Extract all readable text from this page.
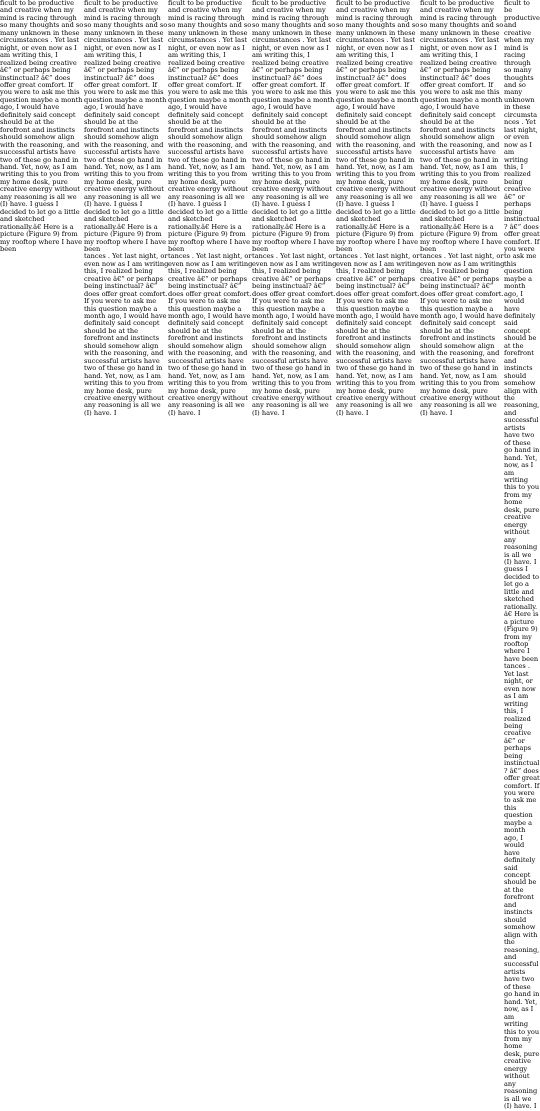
ficult to be productive and creative when my mind is racing through so many thoughts and so many unknown in these circumstances . Yet last night, or even now as I am writing this, I realized being creative â€” or perhaps being instinctual? â€” does offer great comfort. If you were to ask me this question maybe a month ago, I would have definitely said concept should be at the forefront and instincts should somehow align with the reasoning, and successful artists have two of these go hand in hand. Yet, now, as I am writing this to you from my home desk, pure creative energy without any reasoning is all we (I) have. I guess I decided to let go a little and sketched rationally.â€ Here is a picture (Figure 9) from my rooftop where I have been
ficult to be productive and creative when my mind is racing through so many thoughts and so many unknown in these circumstances . Yet last night, or even now as I am writing this, I realized being creative â€” or perhaps being instinctual? â€” does offer great comfort. If you were to ask me this question maybe a month ago, I would have definitely said concept should be at the forefront and instincts should somehow align with the reasoning, and successful artists have two of these go hand in hand. Yet, now, as I am writing this to you from my home desk, pure creative energy without any reasoning is all we (I) have. I guess I decided to let go a little and sketched rationally.â€ Here is a picture (Figure 9) from my rooftop where I have been
tances . Yet last night, or even now as I am writing this, I realized being creative â€” or perhaps being instinctual? â€” does offer great comfort. If you were to ask me this question maybe a month ago, I would have definitely said concept should be at the forefront and instincts should somehow align with the reasoning, and successful artists have two of these go hand in hand. Yet, now, as I am writing this to you from my home desk, pure creative energy without any reasoning is all we (I) have. I
ficult to be productive and creative when my mind is racing through so many thoughts and so many unknown in these circumstances . Yet last night, or even now as I am writing this, I realized being creative â€” or perhaps being instinctual? â€” does offer great comfort. If you were to ask me this question maybe a month ago, I would have definitely said concept should be at the forefront and instincts should somehow align with the reasoning, and successful artists have two of these go hand in hand. Yet, now, as I am writing this to you from my home desk, pure creative energy without any reasoning is all we (I) have. I guess I decided to let go a little and sketched rationally.â€ Here is a picture (Figure 9) from my rooftop where I have been
tances . Yet last night, or even now as I am writing this, I realized being creative â€” or perhaps being instinctual? â€” does offer great comfort. If you were to ask me this question maybe a month ago, I would have definitely said concept should be at the forefront and instincts should somehow align with the reasoning, and successful artists have two of these go hand in hand. Yet, now, as I am writing this to you from my home desk, pure creative energy without any reasoning is all we (I) have. I
ficult to be productive and creative when my mind is racing through so many thoughts and so many unknown in these circumstances . Yet last night, or even now as I am writing this, I realized being creative â€” or perhaps being instinctual? â€” does offer great comfort. If you were to ask me this question maybe a month ago, I would have definitely said concept should be at the forefront and instincts should somehow align with the reasoning, and successful artists have two of these go hand in hand. Yet, now, as I am writing this to you from my home desk, pure creative energy without any reasoning is all we (I) have. I guess I decided to let go a little and sketched rationally.â€ Here is a picture (Figure 9) from my rooftop where I have been
tances . Yet last night, or even now as I am writing this, I realized being creative â€” or perhaps being instinctual? â€” does offer great comfort. If you were to ask me this question maybe a month ago, I would have definitely said concept should be at the forefront and instincts should somehow align with the reasoning, and successful artists have two of these go hand in hand. Yet, now, as I am writing this to you from my home desk, pure creative energy without any reasoning is all we (I) have. I
ficult to be productive and creative when my mind is racing through so many thoughts and so many unknown in these circumstances . Yet last night, or even now as I am writing this, I realized being creative â€” or perhaps being instinctual? â€” does offer great comfort. If you were to ask me this question maybe a month ago, I would have definitely said concept should be at the forefront and instincts should somehow align with the reasoning, and successful artists have two of these go hand in hand. Yet, now, as I am writing this to you from my home desk, pure creative energy without any reasoning is all we (I) have. I guess I decided to let go a little and sketched rationally.â€ Here is a picture (Figure 9) from my rooftop where I have been
tances . Yet last night, or even now as I am writing this, I realized being creative â€” or perhaps being instinctual? â€” does offer great comfort. If you were to ask me this question maybe a month ago, I would have definitely said concept should be at the forefront and instincts should somehow align with the reasoning, and successful artists have two of these go hand in hand. Yet, now, as I am writing this to you from my home desk, pure creative energy without any reasoning is all we (I) have. I
ficult to be productive and creative when my mind is racing through so many thoughts and so many unknown in these circumstances . Yet last night, or even now as I am writing this, I realized being creative â€” or perhaps being instinctual? â€” does offer great comfort. If you were to ask me this question maybe a month ago, I would have definitely said concept should be at the forefront and instincts should somehow align with the reasoning, and successful artists have two of these go hand in hand. Yet, now, as I am writing this to you from my home desk, pure creative energy without any reasoning is all we (I) have. I guess I decided to let go a little and sketched rationally.â€ Here is a picture (Figure 9) from my rooftop where I have been
tances . Yet last night, or even now as I am writing this, I realized being creative â€” or perhaps being instinctual? â€” does offer great comfort. If you were to ask me this question maybe a month ago, I would have definitely said concept should be at the forefront and instincts should somehow align with the reasoning, and successful artists have two of these go hand in hand. Yet, now, as I am writing this to you from my home desk, pure creative energy without any reasoning is all we (I) have. I
ficult to be productive and creative when my mind is racing through so many thoughts and so many unknown in these circumstances . Yet last night, or even now as I am writing this, I realized being creative â€” or perhaps being instinctual? â€” does offer great comfort. If you were to ask me this question maybe a month ago, I would have definitely said concept should be at the forefront and instincts should somehow align with the reasoning, and successful artists have two of these go hand in hand. Yet, now, as I am writing this to you from my home desk, pure creative energy without any reasoning is all we (I) have. I guess I decided to let go a little and sketched rationally.â€ Here is a picture (Figure 9) from my rooftop where I have been
tances . Yet last night, or even now as I am writing this, I realized being creative â€” or perhaps being instinctual? â€” does offer great comfort. If you were to ask me this question maybe a month ago, I would have definitely said concept should be at the forefront and instincts should somehow align with the reasoning, and successful artists have two of these go hand in hand. Yet, now, as I am writing this to you from my home desk, pure creative energy without any reasoning is all we (I) have. I
